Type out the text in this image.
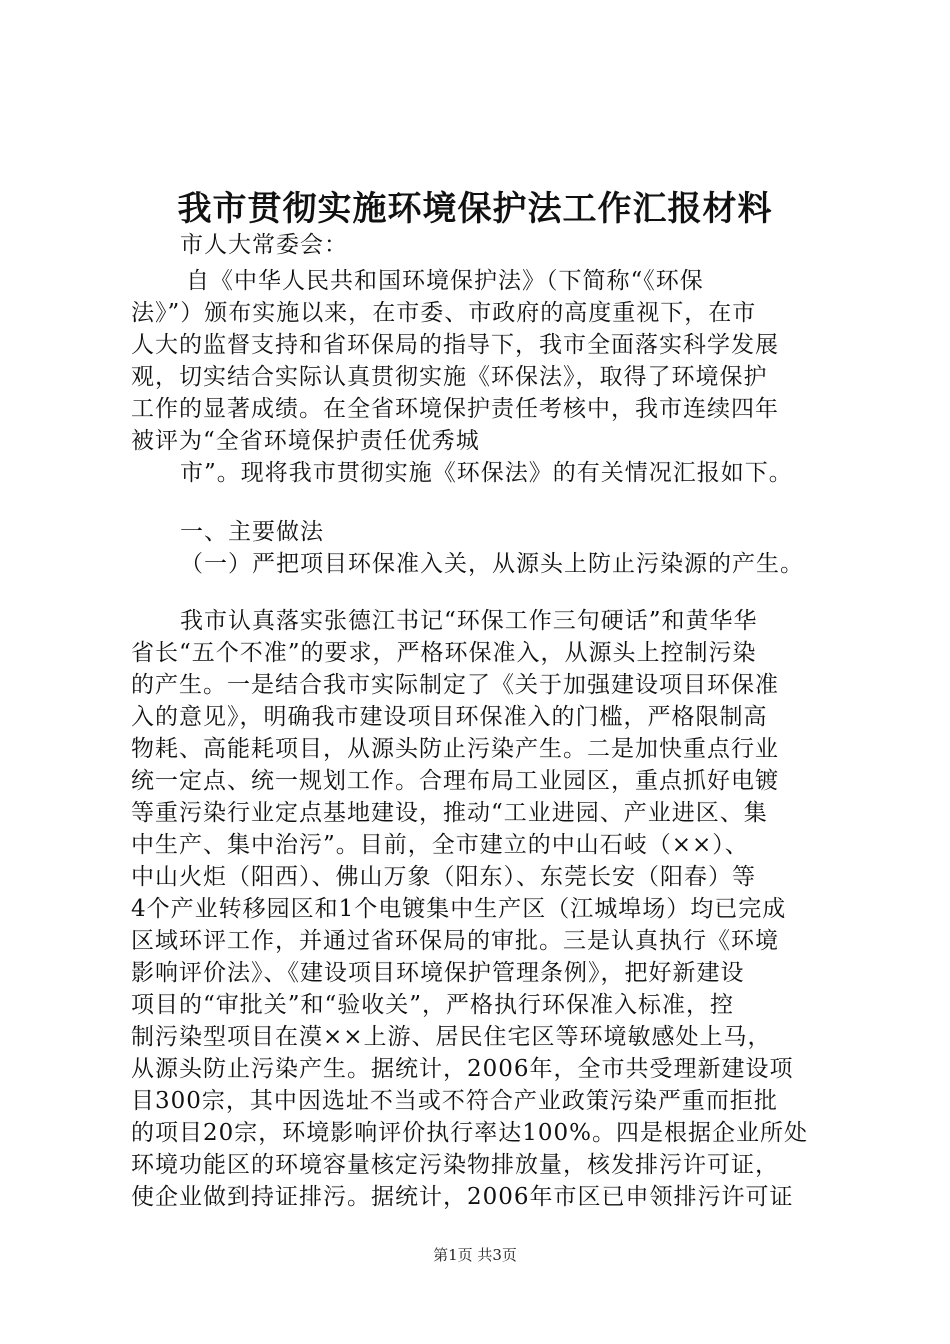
我市贯彻实施环境保护法工作汇报材料
市人大常委会：
自《中华人民共和国环境保护法》（下简称“《环保
法》”）颁布实施以来，在市委、市政府的高度重视下，在市
人大的监督支持和省环保局的指导下，我市全面落实科学发展
观，切实结合实际认真贯彻实施《环保法》，取得了环境保护
工作的显著成绩。在全省环境保护责任考核中，我市连续四年
被评为“全省环境保护责任优秀城
市”。现将我市贯彻实施《环保法》的有关情况汇报如下。
一、主要做法
（一）严把项目环保准入关，从源头上防止污染源的产生。
我市认真落实张德江书记“环保工作三句硬话”和黄华华
省长“五个不准”的要求，严格环保准入，从源头上控制污染
的产生。一是结合我市实际制定了《关于加强建设项目环保准
入的意见》，明确我市建设项目环保准入的门槛，严格限制高
物耗、高能耗项目，从源头防止污染产生。二是加快重点行业
统一定点、统一规划工作。合理布局工业园区，重点抓好电镀
等重污染行业定点基地建设，推动“工业进园、产业进区、集
中生产、集中治污”。目前，全市建立的中山石岐（××）、
中山火炬（阳西）、佛山万象（阳东）、东莞长安（阳春）等
4个产业转移园区和1个电镀集中生产区（江城埠场）均已完成
区域环评工作，并通过省环保局的审批。三是认真执行《环境
影响评价法》、《建设项目环境保护管理条例》，把好新建设
项目的“审批关”和“验收关”，严格执行环保准入标准，控
制污染型项目在漠××上游、居民住宅区等环境敏感处上马，
从源头防止污染产生。据统计，2006年，全市共受理新建设项
目300宗，其中因选址不当或不符合产业政策污染严重而拒批
的项目20宗，环境影响评价执行率达100%。四是根据企业所处
环境功能区的环境容量核定污染物排放量，核发排污许可证，
使企业做到持证排污。据统计，2006年市区已申领排污许可证
第1页 共3页
